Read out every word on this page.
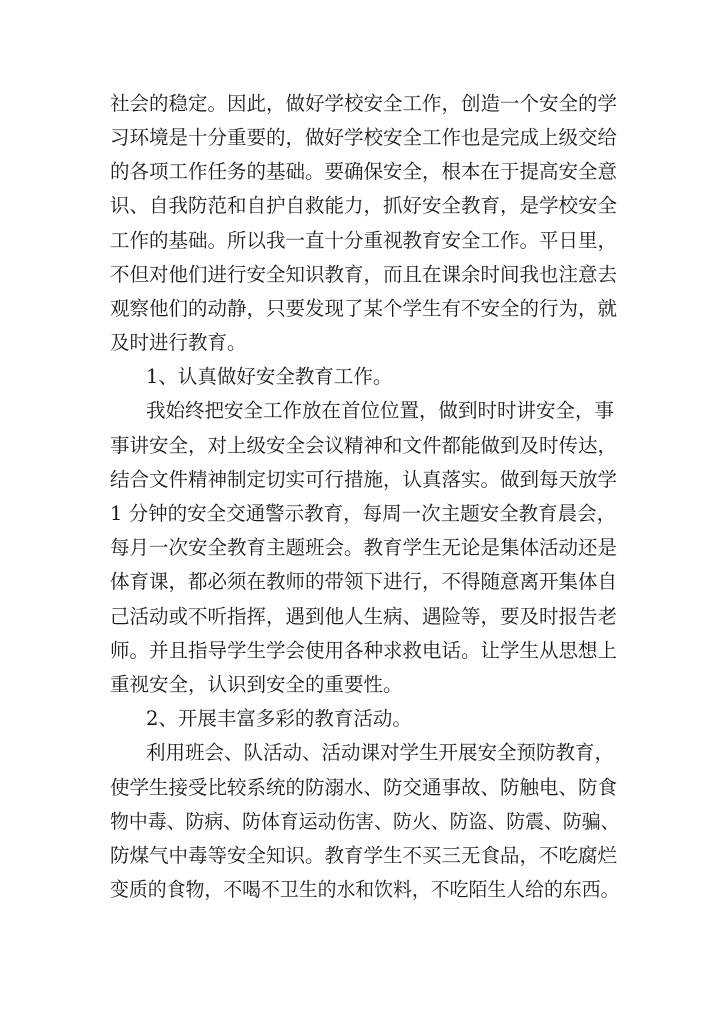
社会的稳定。因此，做好学校安全工作，创造一个安全的学
习环境是十分重要的，做好学校安全工作也是完成上级交给
的各项工作任务的基础。要确保安全，根本在于提高安全意
识、自我防范和自护自救能力，抓好安全教育，是学校安全
工作的基础。所以我一直十分重视教育安全工作。平日里，
不但对他们进行安全知识教育，而且在课余时间我也注意去
观察他们的动静，只要发现了某个学生有不安全的行为，就
及时进行教育。
1、认真做好安全教育工作。
我始终把安全工作放在首位位置，做到时时讲安全，事
事讲安全，对上级安全会议精神和文件都能做到及时传达，
结合文件精神制定切实可行措施，认真落实。做到每天放学
1 分钟的安全交通警示教育，每周一次主题安全教育晨会，
每月一次安全教育主题班会。教育学生无论是集体活动还是
体育课，都必须在教师的带领下进行，不得随意离开集体自
己活动或不听指挥，遇到他人生病、遇险等，要及时报告老
师。并且指导学生学会使用各种求救电话。让学生从思想上
重视安全，认识到安全的重要性。
2、开展丰富多彩的教育活动。
利用班会、队活动、活动课对学生开展安全预防教育，
使学生接受比较系统的防溺水、防交通事故、防触电、防食
物中毒、防病、防体育运动伤害、防火、防盗、防震、防骗、
防煤气中毒等安全知识。教育学生不买三无食品，不吃腐烂
变质的食物，不喝不卫生的水和饮料，不吃陌生人给的东西。
